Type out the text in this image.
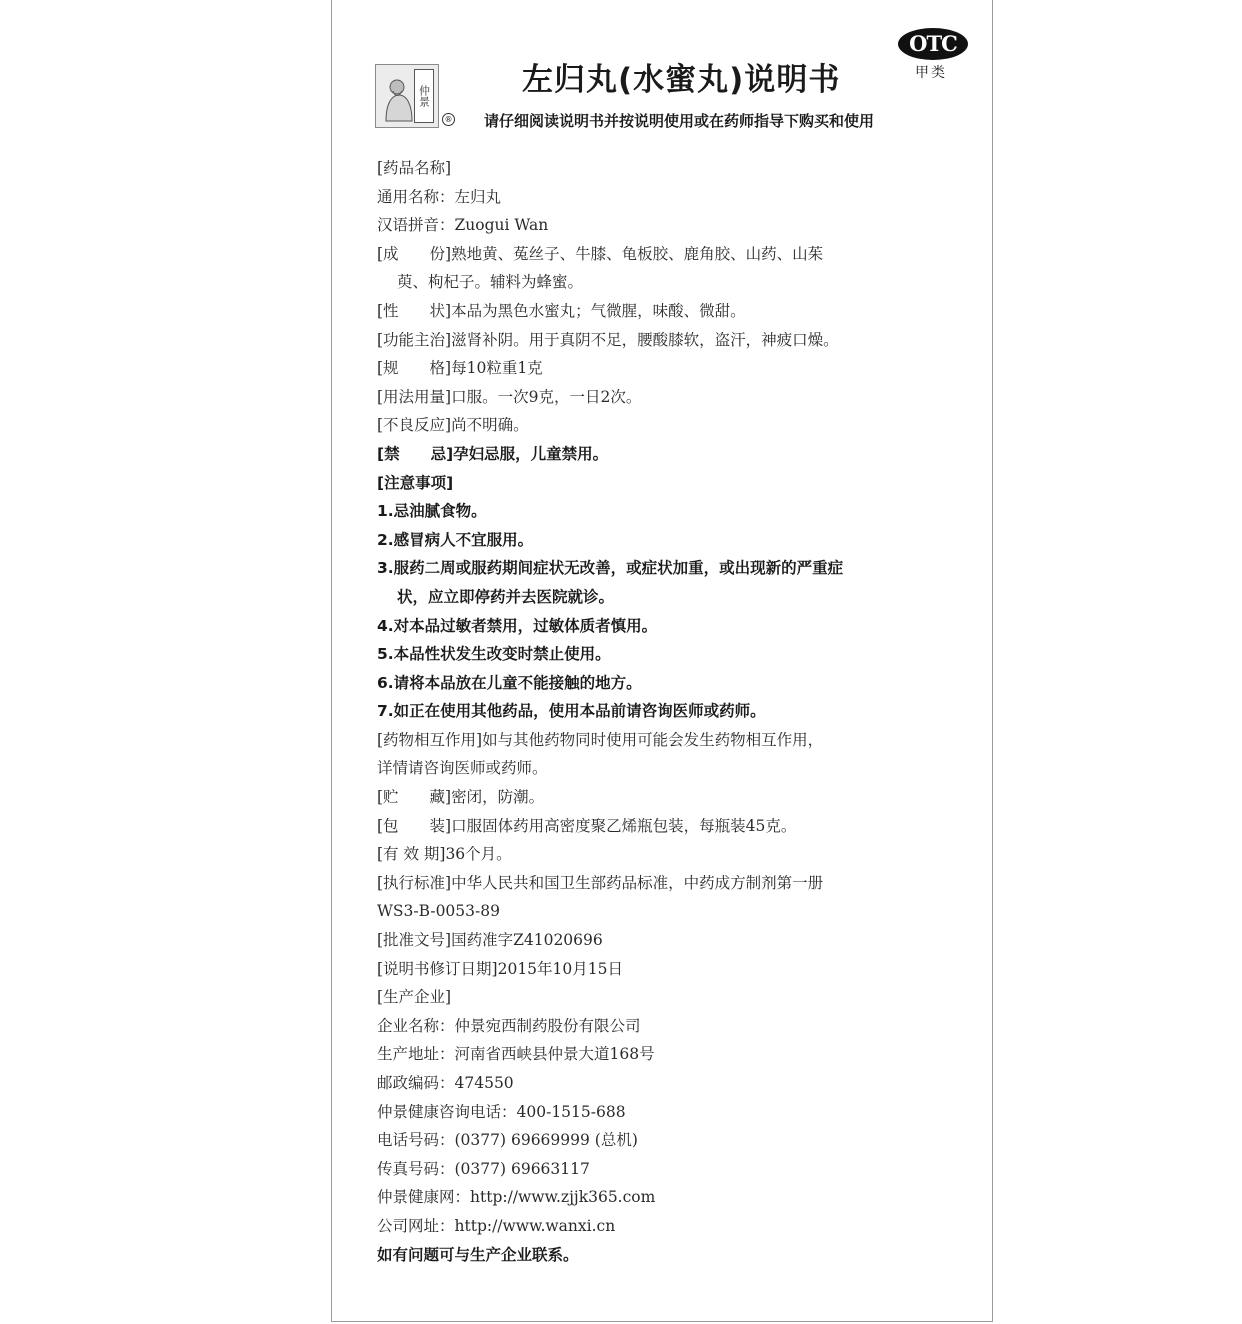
仲景
®
左归丸(水蜜丸)说明书
请仔细阅读说明书并按说明使用或在药师指导下购买和使用
OTC
甲类
[药品名称]
通用名称：左归丸
汉语拼音：Zuogui Wan
[成　　份]熟地黄、菟丝子、牛膝、龟板胶、鹿角胶、山药、山茱
萸、枸杞子。辅料为蜂蜜。
[性　　状]本品为黑色水蜜丸；气微腥，味酸、微甜。
[功能主治]滋肾补阴。用于真阴不足，腰酸膝软，盗汗，神疲口燥。
[规　　格]每10粒重1克
[用法用量]口服。一次9克，一日2次。
[不良反应]尚不明确。
[禁　　忌]孕妇忌服，儿童禁用。
[注意事项]
1.忌油腻食物。
2.感冒病人不宜服用。
3.服药二周或服药期间症状无改善，或症状加重，或出现新的严重症
状，应立即停药并去医院就诊。
4.对本品过敏者禁用，过敏体质者慎用。
5.本品性状发生改变时禁止使用。
6.请将本品放在儿童不能接触的地方。
7.如正在使用其他药品，使用本品前请咨询医师或药师。
[药物相互作用]如与其他药物同时使用可能会发生药物相互作用，
详情请咨询医师或药师。
[贮　　藏]密闭，防潮。
[包　　装]口服固体药用高密度聚乙烯瓶包装，每瓶装45克。
[有 效 期]36个月。
[执行标准]中华人民共和国卫生部药品标准，中药成方制剂第一册
WS3-B-0053-89
[批准文号]国药准字Z41020696
[说明书修订日期]2015年10月15日
[生产企业]
企业名称：仲景宛西制药股份有限公司
生产地址：河南省西峡县仲景大道168号
邮政编码：474550
仲景健康咨询电话：400-1515-688
电话号码：(0377) 69669999 (总机)
传真号码：(0377) 69663117
仲景健康网：http://www.zjjk365.com
公司网址：http://www.wanxi.cn
如有问题可与生产企业联系。
